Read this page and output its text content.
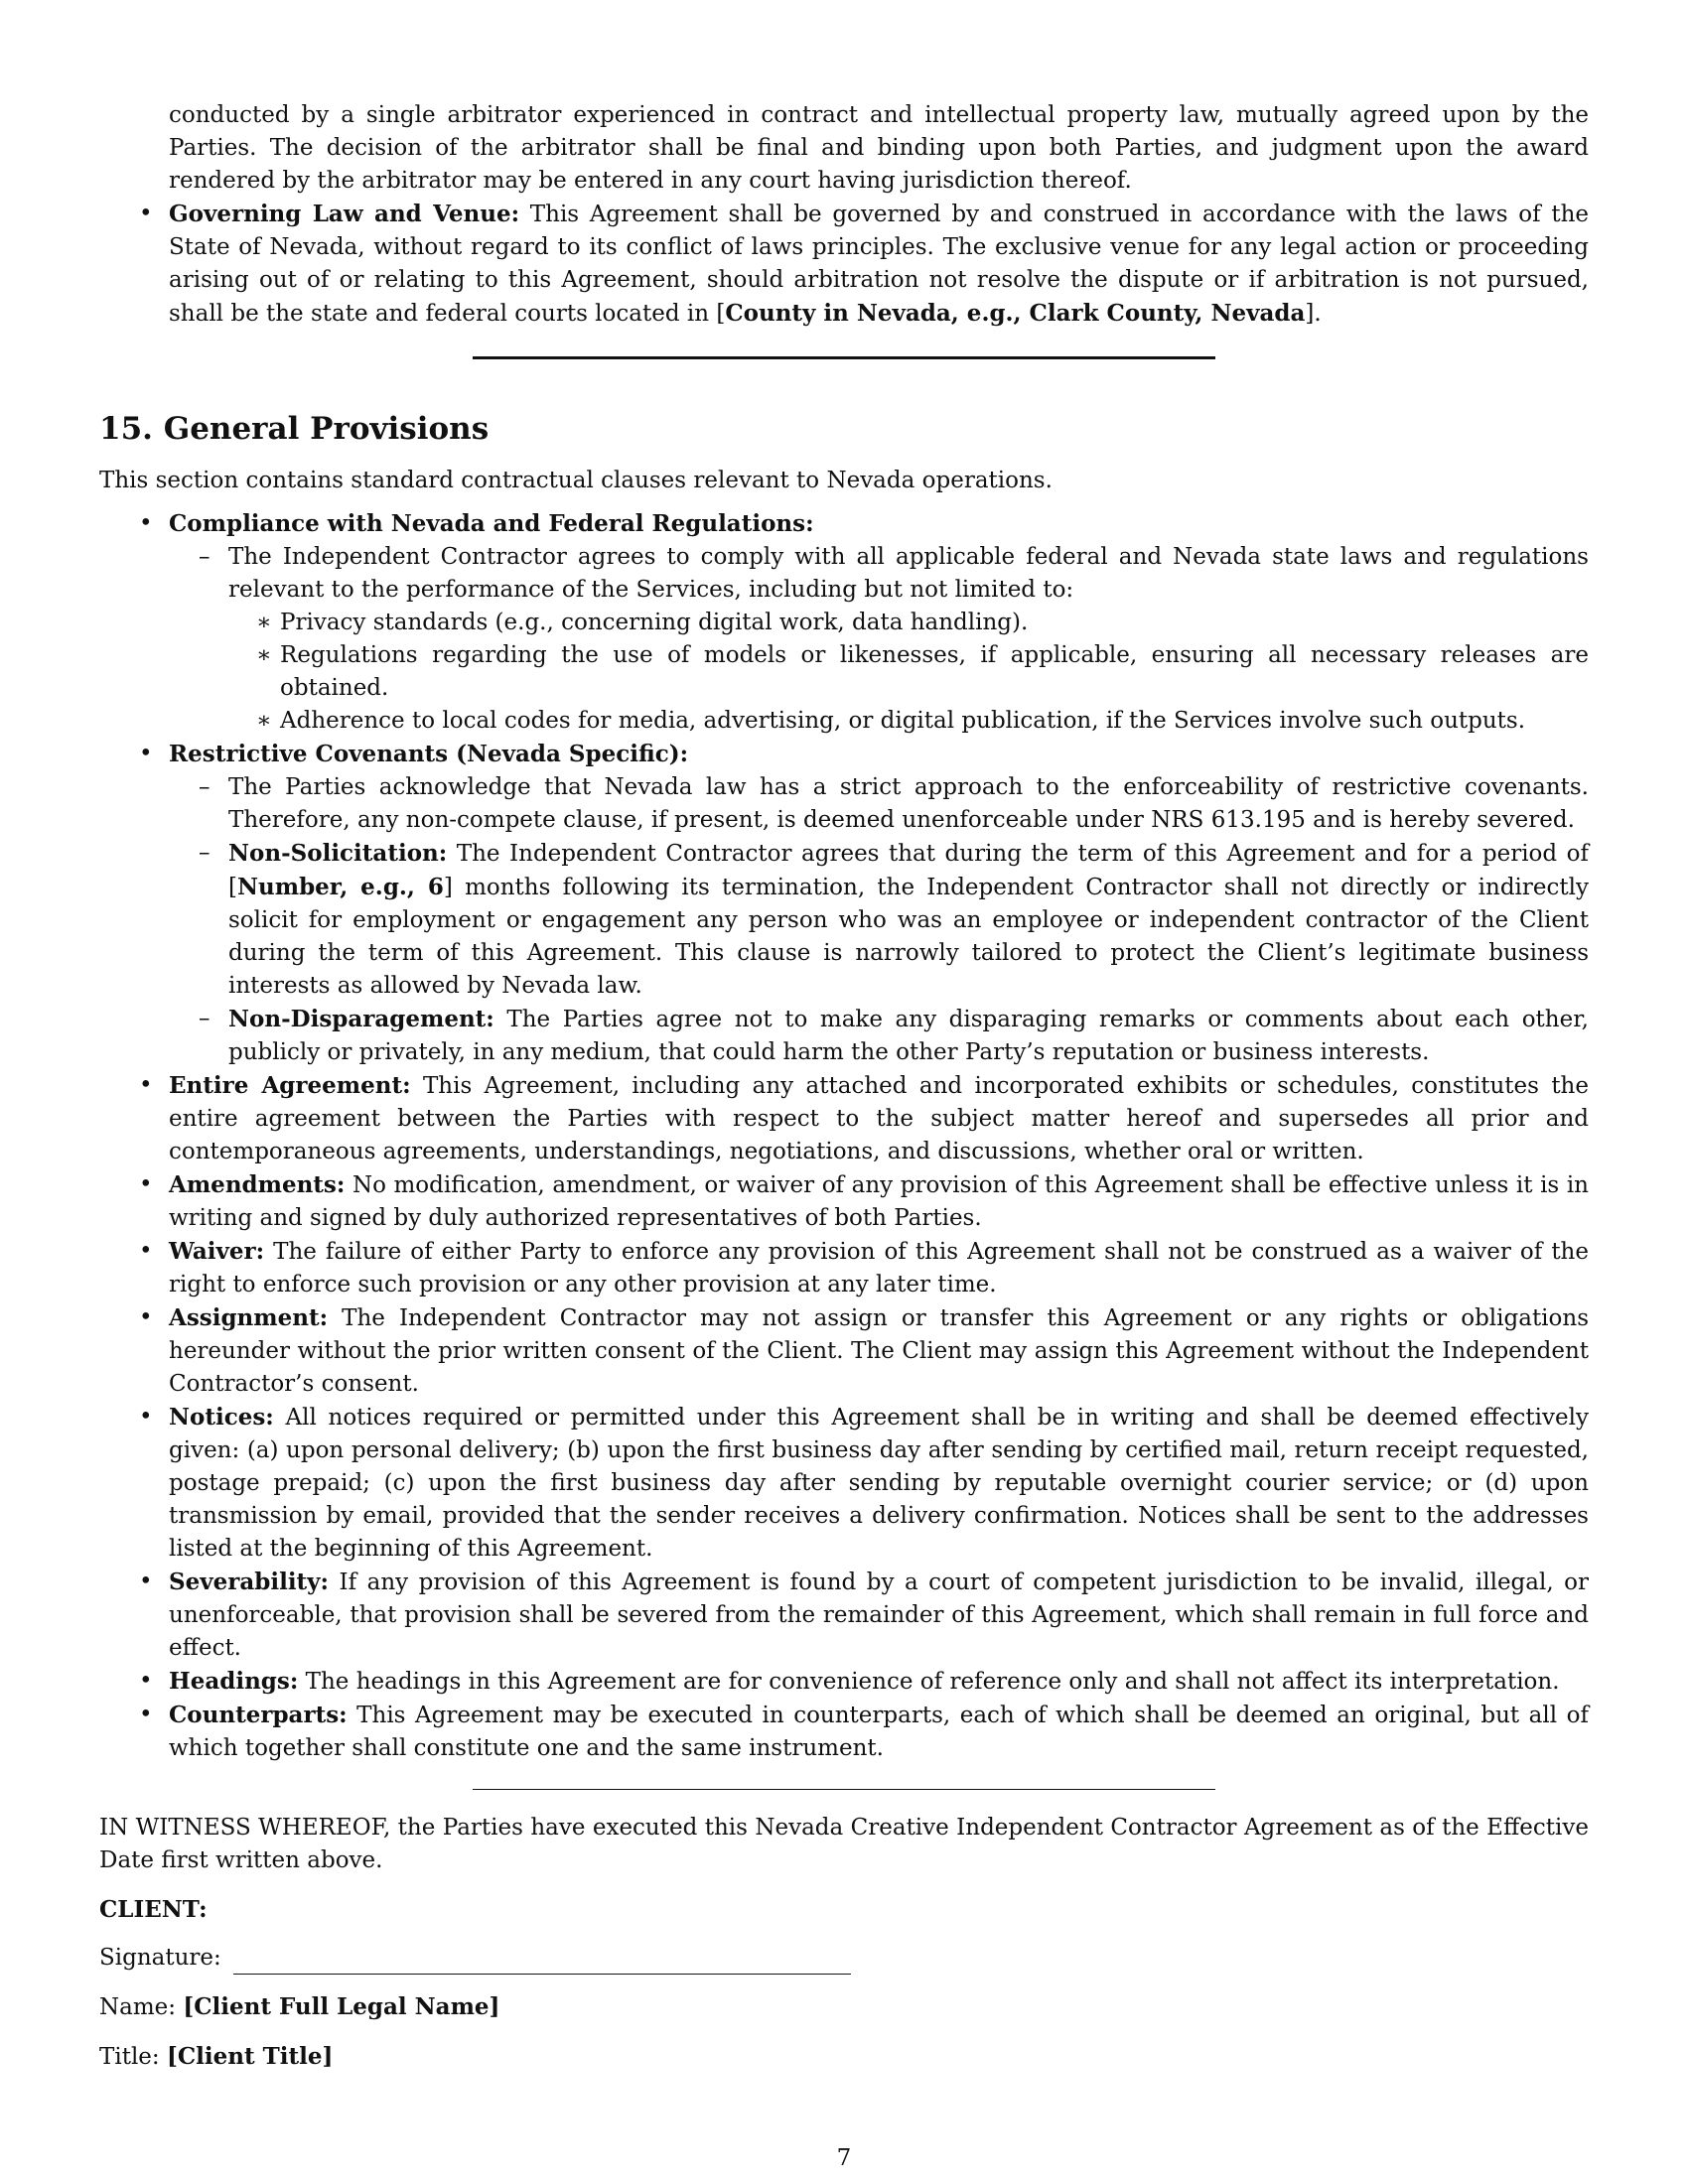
conducted by a single arbitrator experienced in contract and intellectual property law, mutually agreed upon by the Parties. The decision of the arbitrator shall be final and binding upon both Parties, and judgment upon the award rendered by the arbitrator may be entered in any court having jurisdiction thereof.

• Governing Law and Venue: This Agreement shall be governed by and construed in accordance with the laws of the State of Nevada, without regard to its conflict of laws principles. The exclusive venue for any legal action or proceeding arising out of or relating to this Agreement, should arbitration not resolve the dispute or if arbitration is not pursued, shall be the state and federal courts located in [County in Nevada, e.g., Clark County, Nevada].
15. General Provisions

This section contains standard contractual clauses relevant to Nevada operations.

• Compliance with Nevada and Federal Regulations:
– The Independent Contractor agrees to comply with all applicable federal and Nevada state laws and regulations relevant to the performance of the Services, including but not limited to:
∗ Privacy standards (e.g., concerning digital work, data handling).
∗ Regulations regarding the use of models or likenesses, if applicable, ensuring all necessary releases are obtained.
∗ Adherence to local codes for media, advertising, or digital publication, if the Services involve such outputs.
• Restrictive Covenants (Nevada Specific):
– The Parties acknowledge that Nevada law has a strict approach to the enforceability of restrictive covenants. Therefore, any non-compete clause, if present, is deemed unenforceable under NRS 613.195 and is hereby severed.
– Non-Solicitation: The Independent Contractor agrees that during the term of this Agreement and for a period of [Number, e.g., 6] months following its termination, the Independent Contractor shall not directly or indirectly solicit for employment or engagement any person who was an employee or independent contractor of the Client during the term of this Agreement. This clause is narrowly tailored to protect the Client’s legitimate business interests as allowed by Nevada law.
– Non-Disparagement: The Parties agree not to make any disparaging remarks or comments about each other, publicly or privately, in any medium, that could harm the other Party’s reputation or business interests.
• Entire Agreement: This Agreement, including any attached and incorporated exhibits or schedules, constitutes the entire agreement between the Parties with respect to the subject matter hereof and supersedes all prior and contemporaneous agreements, understandings, negotiations, and discussions, whether oral or written.
• Amendments: No modification, amendment, or waiver of any provision of this Agreement shall be effective unless it is in writing and signed by duly authorized representatives of both Parties.
• Waiver: The failure of either Party to enforce any provision of this Agreement shall not be construed as a waiver of the right to enforce such provision or any other provision at any later time.
• Assignment: The Independent Contractor may not assign or transfer this Agreement or any rights or obligations hereunder without the prior written consent of the Client. The Client may assign this Agreement without the Independent Contractor’s consent.
• Notices: All notices required or permitted under this Agreement shall be in writing and shall be deemed effectively given: (a) upon personal delivery; (b) upon the first business day after sending by certified mail, return receipt requested, postage prepaid; (c) upon the first business day after sending by reputable overnight courier service; or (d) upon transmission by email, provided that the sender receives a delivery confirmation. Notices shall be sent to the addresses listed at the beginning of this Agreement.
• Severability: If any provision of this Agreement is found by a court of competent jurisdiction to be invalid, illegal, or unenforceable, that provision shall be severed from the remainder of this Agreement, which shall remain in full force and effect.
• Headings: The headings in this Agreement are for convenience of reference only and shall not affect its interpretation.
• Counterparts: This Agreement may be executed in counterparts, each of which shall be deemed an original, but all of which together shall constitute one and the same instrument.

IN WITNESS WHEREOF, the Parties have executed this Nevada Creative Independent Contractor Agreement as of the Effective Date first written above.

CLIENT:

Signature:

Name: [Client Full Legal Name]

Title: [Client Title]

7
